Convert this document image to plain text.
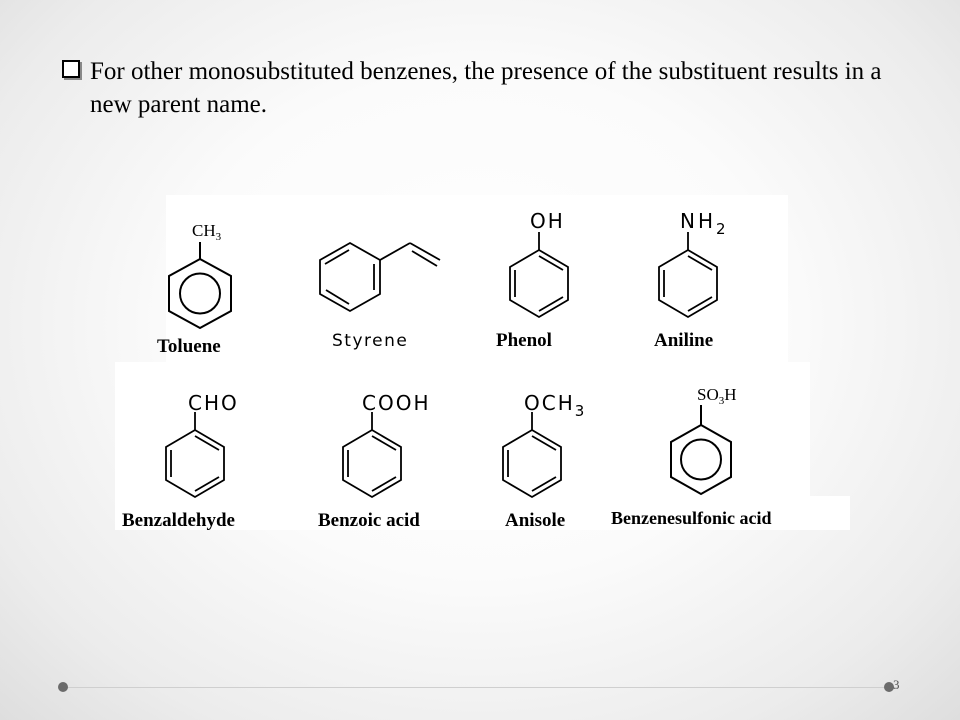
For other monosubstituted benzenes, the presence of the substituent results in a new parent name.
$CH_3$
Toluene	Styrene
OH
Phenol
$NH_2$
Aniline
CHO
Benzaldehyde
COOH
Benzoic acid
$OCH_3$
Anisole
$SO_3H$
Benzenesulfonic acid
3
